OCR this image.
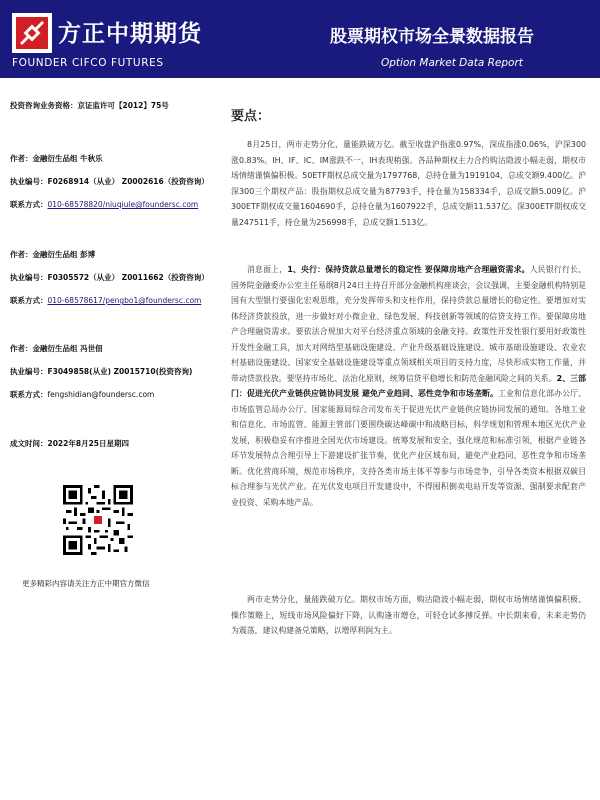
方正中期期货
FOUNDER CIFCO FUTURES
股票期权市场全景数据报告
Option Market Data Report
投资咨询业务资格：京证监许可【2012】75号
作者：金融衍生品组 牛秋乐
执业编号：F0268914（从业） Z0002616（投资咨询）
联系方式：010-68578820/niuqiule@foundersc.com
作者：金融衍生品组 彭博
执业编号：F0305572（从业） Z0011662（投资咨询）
联系方式：010-68578617/pengbo1@foundersc.com
作者：金融衍生品组 冯世佃
执业编号：F3049858(从业) Z0015710(投资咨询)
联系方式：fengshidian@foundersc.com
成文时间：2022年8月25日星期四
更多精彩内容请关注方正中期官方微信
要点：

8月25日，两市走势分化，量能跌破万亿。截至收盘沪指涨0.97%，深成指涨0.06%，沪深300涨0.83%。IH、IF、IC、IM涨跌不一，IH表现稍强。各品种期权主力合约购沽隐波小幅走弱，期权市场情绪谨慎偏积极。50ETF期权总成交量为1797768，总持仓量为1919104，总成交额9.400亿。沪深300三个期权产品：股指期权总成交量为87793手，持仓量为158334手，总成交额5.009亿。沪300ETF期权成交量1604690手，总持仓量为1607922手，总成交额11.537亿。深300ETF期权成交量247511手，持仓量为256998手，总成交额1.513亿。

消息面上，1、央行：保持贷款总量增长的稳定性 要保障房地产合理融资需求。人民银行行长、国务院金融委办公室主任易纲8月24日主持召开部分金融机构座谈会，会议强调，主要金融机构特别是国有大型银行要强化宏观思维，充分发挥带头和支柱作用，保持贷款总量增长的稳定性。要增加对实体经济贷款投放，进一步做好对小微企业、绿色发展、科技创新等领域的信贷支持工作。要保障房地产合理融资需求。要依法合规加大对平台经济重点领域的金融支持。政策性开发性银行要用好政策性开发性金融工具，加大对网络型基础设施建设、产业升级基础设施建设、城市基础设施建设、农业农村基础设施建设、国家安全基础设施建设等重点领域相关项目的支持力度，尽快形成实物工作量，并带动贷款投放。要坚持市场化、法治化原则，统筹信贷平稳增长和防范金融风险之间的关系。2、三部门：促进光伏产业链供应链协同发展 避免产业趋同、恶性竞争和市场垄断。工业和信息化部办公厅、市场监管总局办公厅、国家能源局综合司发布关于促进光伏产业链供应链协同发展的通知。各地工业和信息化、市场监管、能源主管部门要围绕碳达峰碳中和战略目标，科学规划和管理本地区光伏产业发展，积极稳妥有序推进全国光伏市场建设。统筹发展和安全，强化规范和标准引领，根据产业链各环节发展特点合理引导上下游建设扩张节奏，优化产业区域布局，避免产业趋同、恶性竞争和市场垄断。优化营商环境，规范市场秩序，支持各类市场主体平等参与市场竞争，引导各类资本根据双碳目标合理参与光伏产业。在光伏发电项目开发建设中，不得囤积倒卖电站开发等资源、强制要求配套产业投资、采购本地产品。

两市走势分化，量能跌破万亿。期权市场方面，购沽隐波小幅走弱，期权市场情绪谨慎偏积极、操作策略上，短线市场风险偏好下降，认购逢市增仓，可轻仓试多搏反弹。中长期来看，未来走势仍为震荡，建议构建备兑策略，以增厚利润为主。
